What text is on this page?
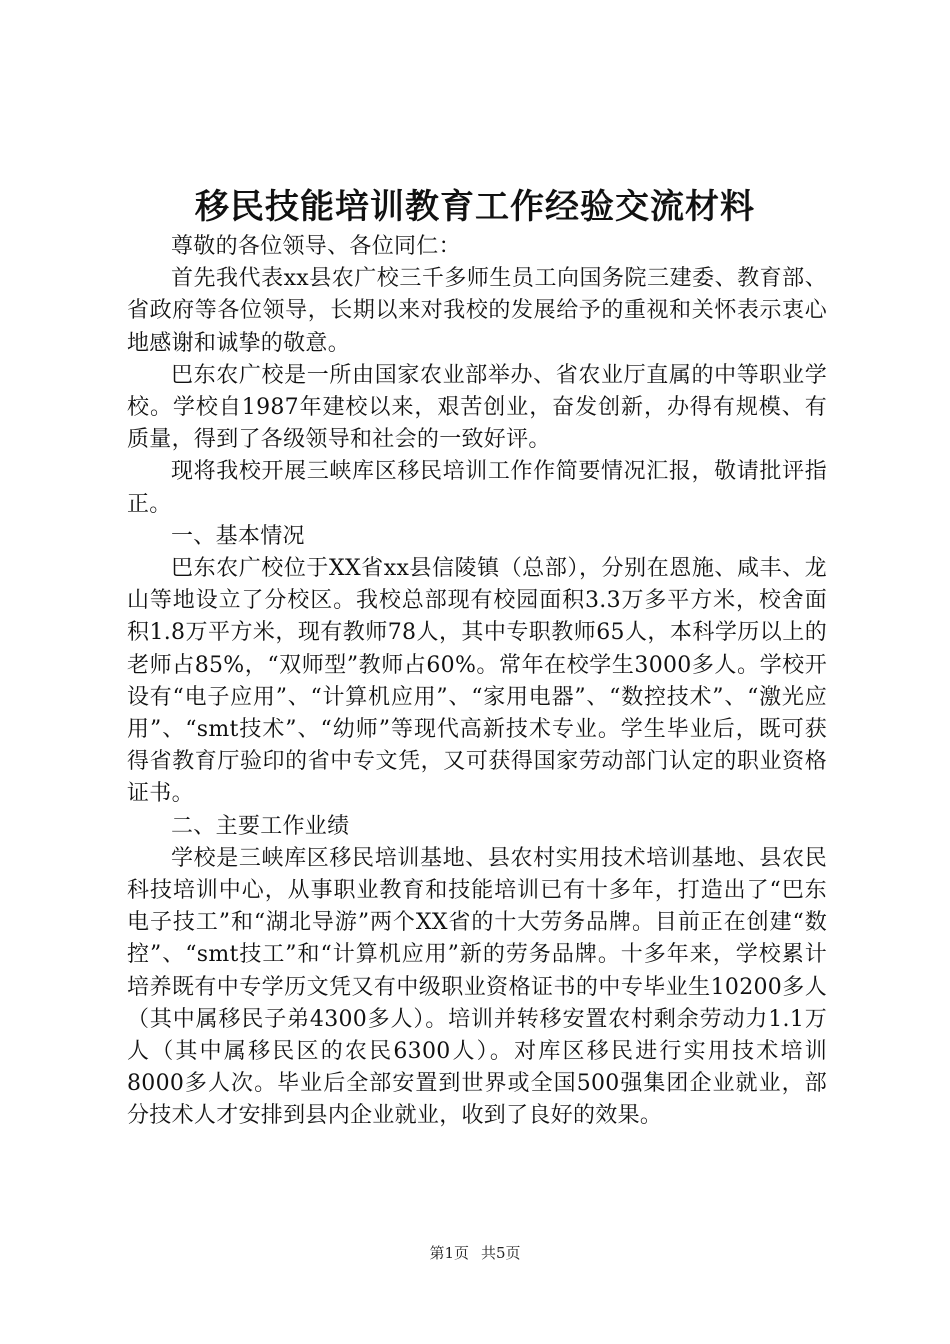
移民技能培训教育工作经验交流材料

尊敬的各位领导、各位同仁：

首先我代表xx县农广校三千多师生员工向国务院三建委、教育部、省政府等各位领导，长期以来对我校的发展给予的重视和关怀表示衷心地感谢和诚挚的敬意。

巴东农广校是一所由国家农业部举办、省农业厅直属的中等职业学校。学校自1987年建校以来，艰苦创业，奋发创新，办得有规模、有质量，得到了各级领导和社会的一致好评。

现将我校开展三峡库区移民培训工作作简要情况汇报，敬请批评指正。

一、基本情况

巴东农广校位于XX省xx县信陵镇（总部），分别在恩施、咸丰、龙山等地设立了分校区。我校总部现有校园面积3.3万多平方米，校舍面积1.8万平方米，现有教师78人，其中专职教师65人，本科学历以上的老师占85%，“双师型”教师占60%。常年在校学生3000多人。学校开设有“电子应用”、“计算机应用”、“家用电器”、“数控技术”、“激光应用”、“smt技术”、“幼师”等现代高新技术专业。学生毕业后，既可获得省教育厅验印的省中专文凭，又可获得国家劳动部门认定的职业资格证书。

二、主要工作业绩

学校是三峡库区移民培训基地、县农村实用技术培训基地、县农民科技培训中心，从事职业教育和技能培训已有十多年，打造出了“巴东电子技工”和“湖北导游”两个XX省的十大劳务品牌。目前正在创建“数控”、“smt技工”和“计算机应用”新的劳务品牌。十多年来，学校累计培养既有中专学历文凭又有中级职业资格证书的中专毕业生10200多人（其中属移民子弟4300多人）。培训并转移安置农村剩余劳动力1.1万人（其中属移民区的农民6300人）。对库区移民进行实用技术培训8000多人次。毕业后全部安置到世界或全国500强集团企业就业，部分技术人才安排到县内企业就业，收到了良好的效果。

第1页 共5页
